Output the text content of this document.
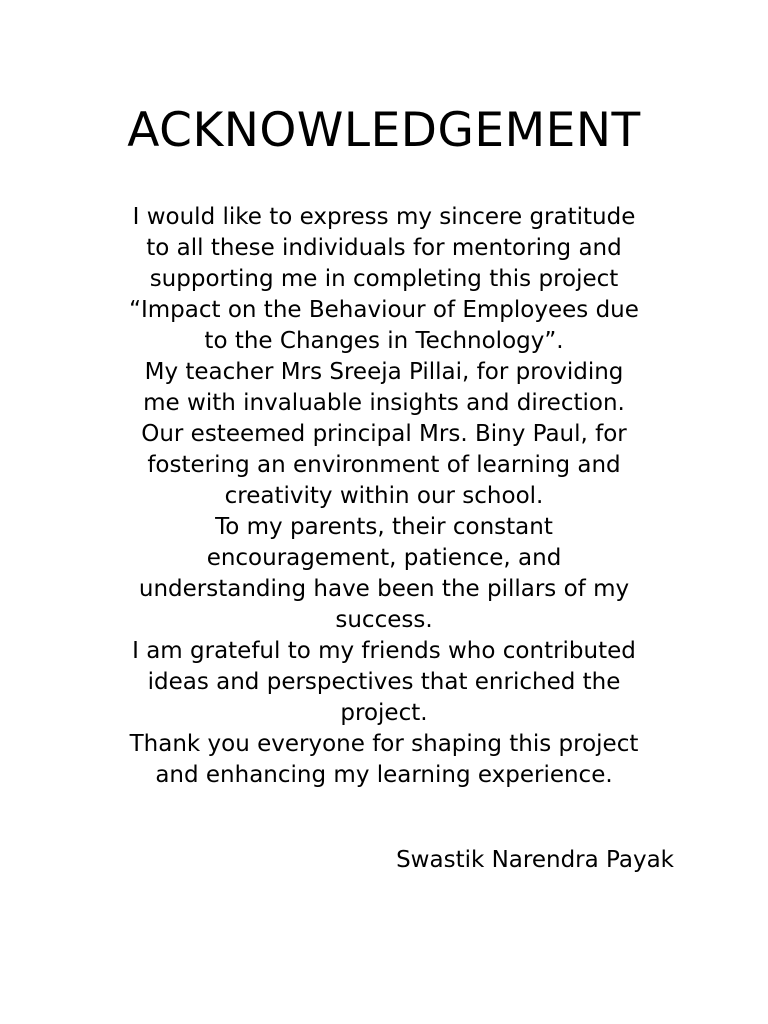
ACKNOWLEDGEMENT
I would like to express my sincere gratitude
to all these individuals for mentoring and
supporting me in completing this project
“Impact on the Behaviour of Employees due
to the Changes in Technology”.
My teacher Mrs Sreeja Pillai, for providing
me with invaluable insights and direction.
Our esteemed principal Mrs. Biny Paul, for
fostering an environment of learning and
creativity within our school.
To my parents, their constant
encouragement, patience, and
understanding have been the pillars of my
success.
I am grateful to my friends who contributed
ideas and perspectives that enriched the
project.
Thank you everyone for shaping this project
and enhancing my learning experience.
Swastik Narendra Payak
